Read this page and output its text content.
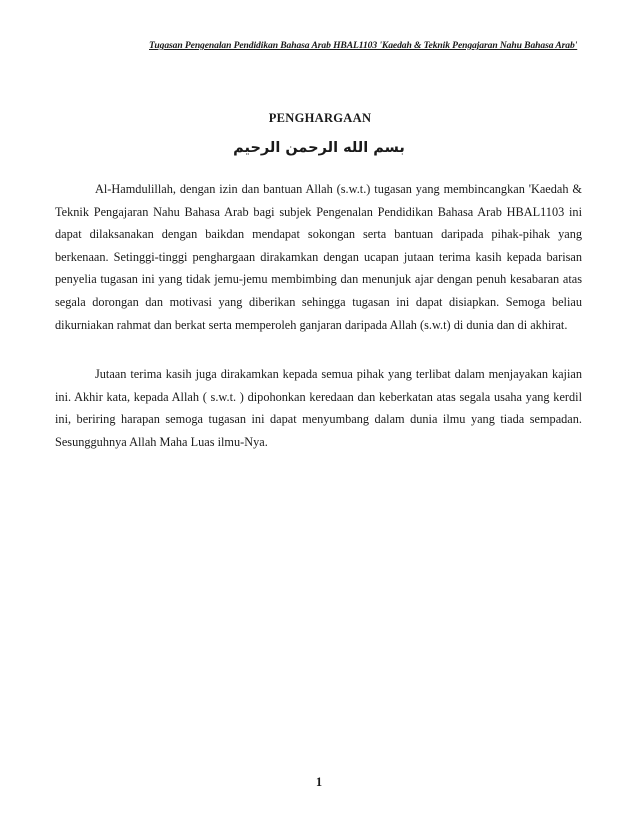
Tugasan Pengenalan Pendidikan Bahasa Arab HBAL1103 'Kaedah & Teknik Pengajaran Nahu Bahasa Arab'
PENGHARGAAN
بسم الله الرحمن الرحيم

Al-Hamdulillah, dengan izin dan bantuan Allah (s.w.t.) tugasan yang membincangkan 'Kaedah & Teknik Pengajaran Nahu Bahasa Arab bagi subjek Pengenalan Pendidikan Bahasa Arab HBAL1103 ini dapat dilaksanakan dengan baikdan mendapat sokongan serta bantuan daripada pihak-pihak yang berkenaan. Setinggi-tinggi penghargaan dirakamkan dengan ucapan jutaan terima kasih kepada barisan penyelia tugasan ini yang tidak jemu-jemu membimbing dan menunjuk ajar dengan penuh kesabaran atas segala dorongan dan motivasi yang diberikan sehingga tugasan ini dapat disiapkan. Semoga beliau dikurniakan rahmat dan berkat serta memperoleh ganjaran daripada Allah (s.w.t) di dunia dan di akhirat.

Jutaan terima kasih juga dirakamkan kepada semua pihak yang terlibat dalam menjayakan kajian ini. Akhir kata, kepada Allah ( s.w.t. ) dipohonkan keredaan dan keberkatan atas segala usaha yang kerdil ini, beriring harapan semoga tugasan ini dapat menyumbang dalam dunia ilmu yang tiada sempadan. Sesungguhnya Allah Maha Luas ilmu-Nya.

1
